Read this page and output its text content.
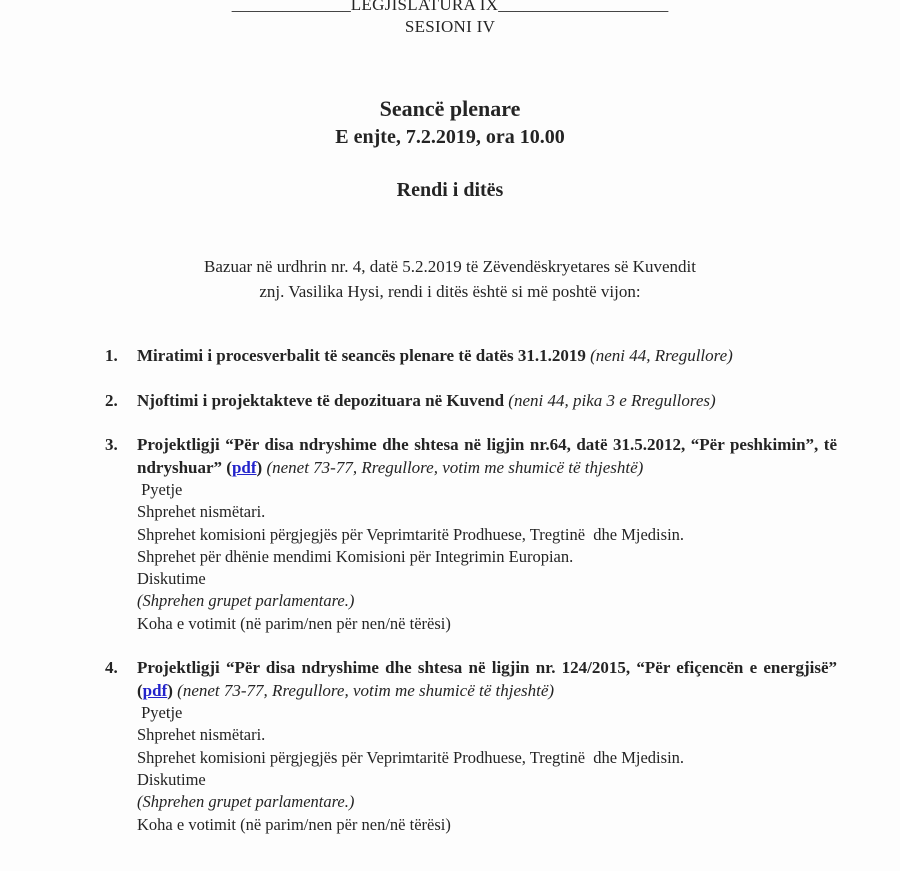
______________LEGJISLATURA IX____________________
SESIONI IV
Seancë plenare
E enjte, 7.2.2019, ora 10.00
Rendi i ditës
Bazuar në urdhrin nr. 4, datë 5.2.2019 të Zëvendëskryetares së Kuvendit
znj. Vasilika Hysi, rendi i ditës është si më poshtë vijon:
1.	Miratimi i procesverbalit të seancës plenare të datës 31.1.2019 (neni 44, Rregullore)

2.	Njoftimi i projektakteve të depozituara në Kuvend (neni 44, pika 3 e Rregullores)

3.	Projektligji “Për disa ndryshime dhe shtesa në ligjin nr.64, datë 31.5.2012, “Për peshkimin”, të ndryshuar” (pdf) (nenet 73-77, Rregullore, votim me shumicë të thjeshtë)

Pyetje
Shprehet nismëtari.
Shprehet komisioni përgjegjës për Veprimtaritë Prodhuese, Tregtinë  dhe Mjedisin.
Shprehet për dhënie mendimi Komisioni për Integrimin Europian.
Diskutime
(Shprehen grupet parlamentare.)
Koha e votimit (në parim/nen për nen/në tërësi)
4.	Projektligji “Për disa ndryshime dhe shtesa në ligjin nr. 124/2015, “Për efiçencën e energjisë” (pdf) (nenet 73-77, Rregullore, votim me shumicë të thjeshtë)

Pyetje
Shprehet nismëtari.
Shprehet komisioni përgjegjës për Veprimtaritë Prodhuese, Tregtinë  dhe Mjedisin.
Diskutime
(Shprehen grupet parlamentare.)
Koha e votimit (në parim/nen për nen/në tërësi)
